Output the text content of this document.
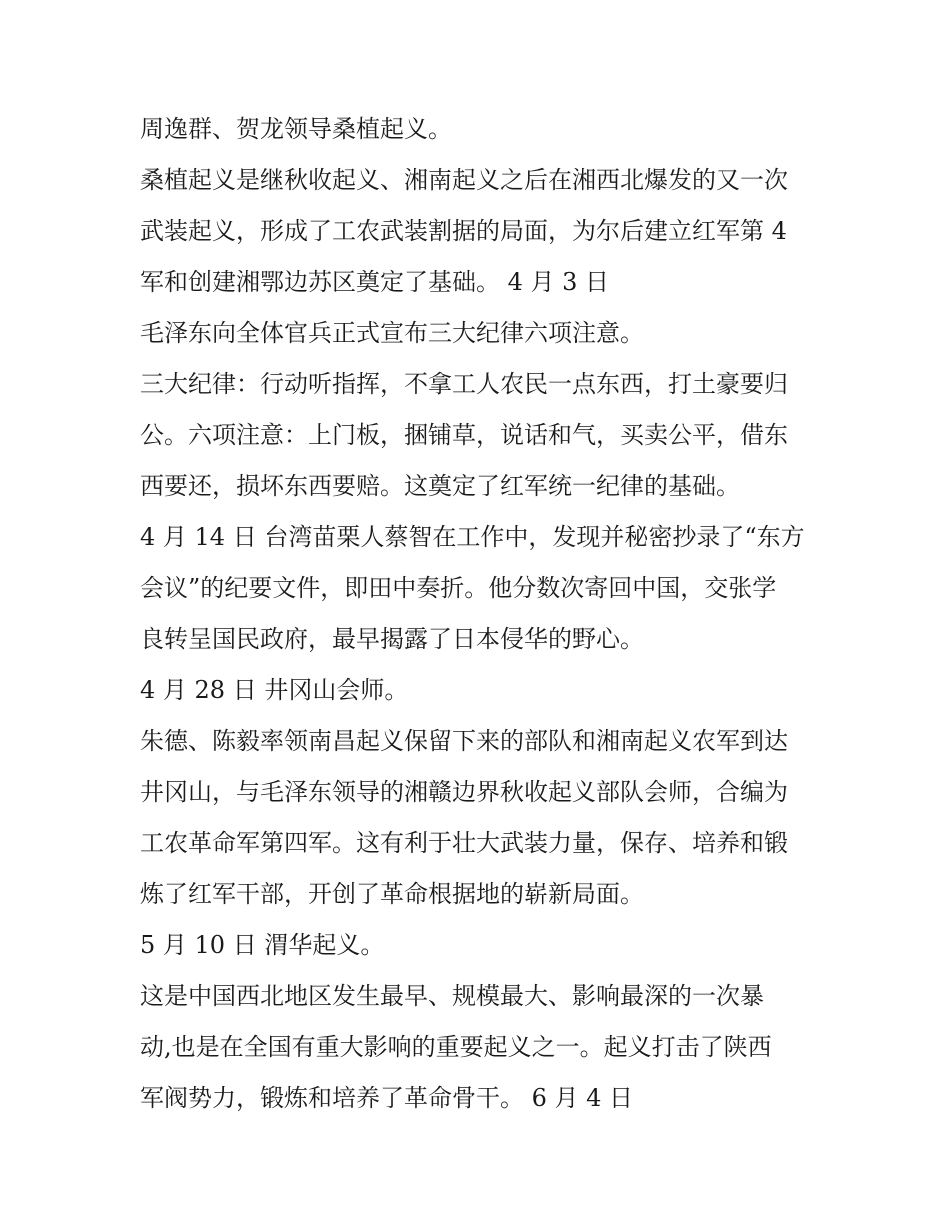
周逸群、贺龙领导桑植起义。
桑植起义是继秋收起义、湘南起义之后在湘西北爆发的又一次
武装起义，形成了工农武装割据的局面，为尔后建立红军第 4
军和创建湘鄂边苏区奠定了基础。 4 月 3 日
毛泽东向全体官兵正式宣布三大纪律六项注意。
三大纪律：行动听指挥，不拿工人农民一点东西，打土豪要归
公。六项注意：上门板，捆铺草，说话和气，买卖公平，借东
西要还，损坏东西要赔。这奠定了红军统一纪律的基础。
4 月 14 日 台湾苗栗人蔡智在工作中，发现并秘密抄录了“东方
会议”的纪要文件，即田中奏折。他分数次寄回中国，交张学
良转呈国民政府，最早揭露了日本侵华的野心。
4 月 28 日 井冈山会师。
朱德、陈毅率领南昌起义保留下来的部队和湘南起义农军到达
井冈山，与毛泽东领导的湘赣边界秋收起义部队会师，合编为
工农革命军第四军。这有利于壮大武装力量，保存、培养和锻
炼了红军干部，开创了革命根据地的崭新局面。
5 月 10 日 渭华起义。
这是中国西北地区发生最早、规模最大、影响最深的一次暴
动,也是在全国有重大影响的重要起义之一。起义打击了陕西
军阀势力，锻炼和培养了革命骨干。 6 月 4 日
